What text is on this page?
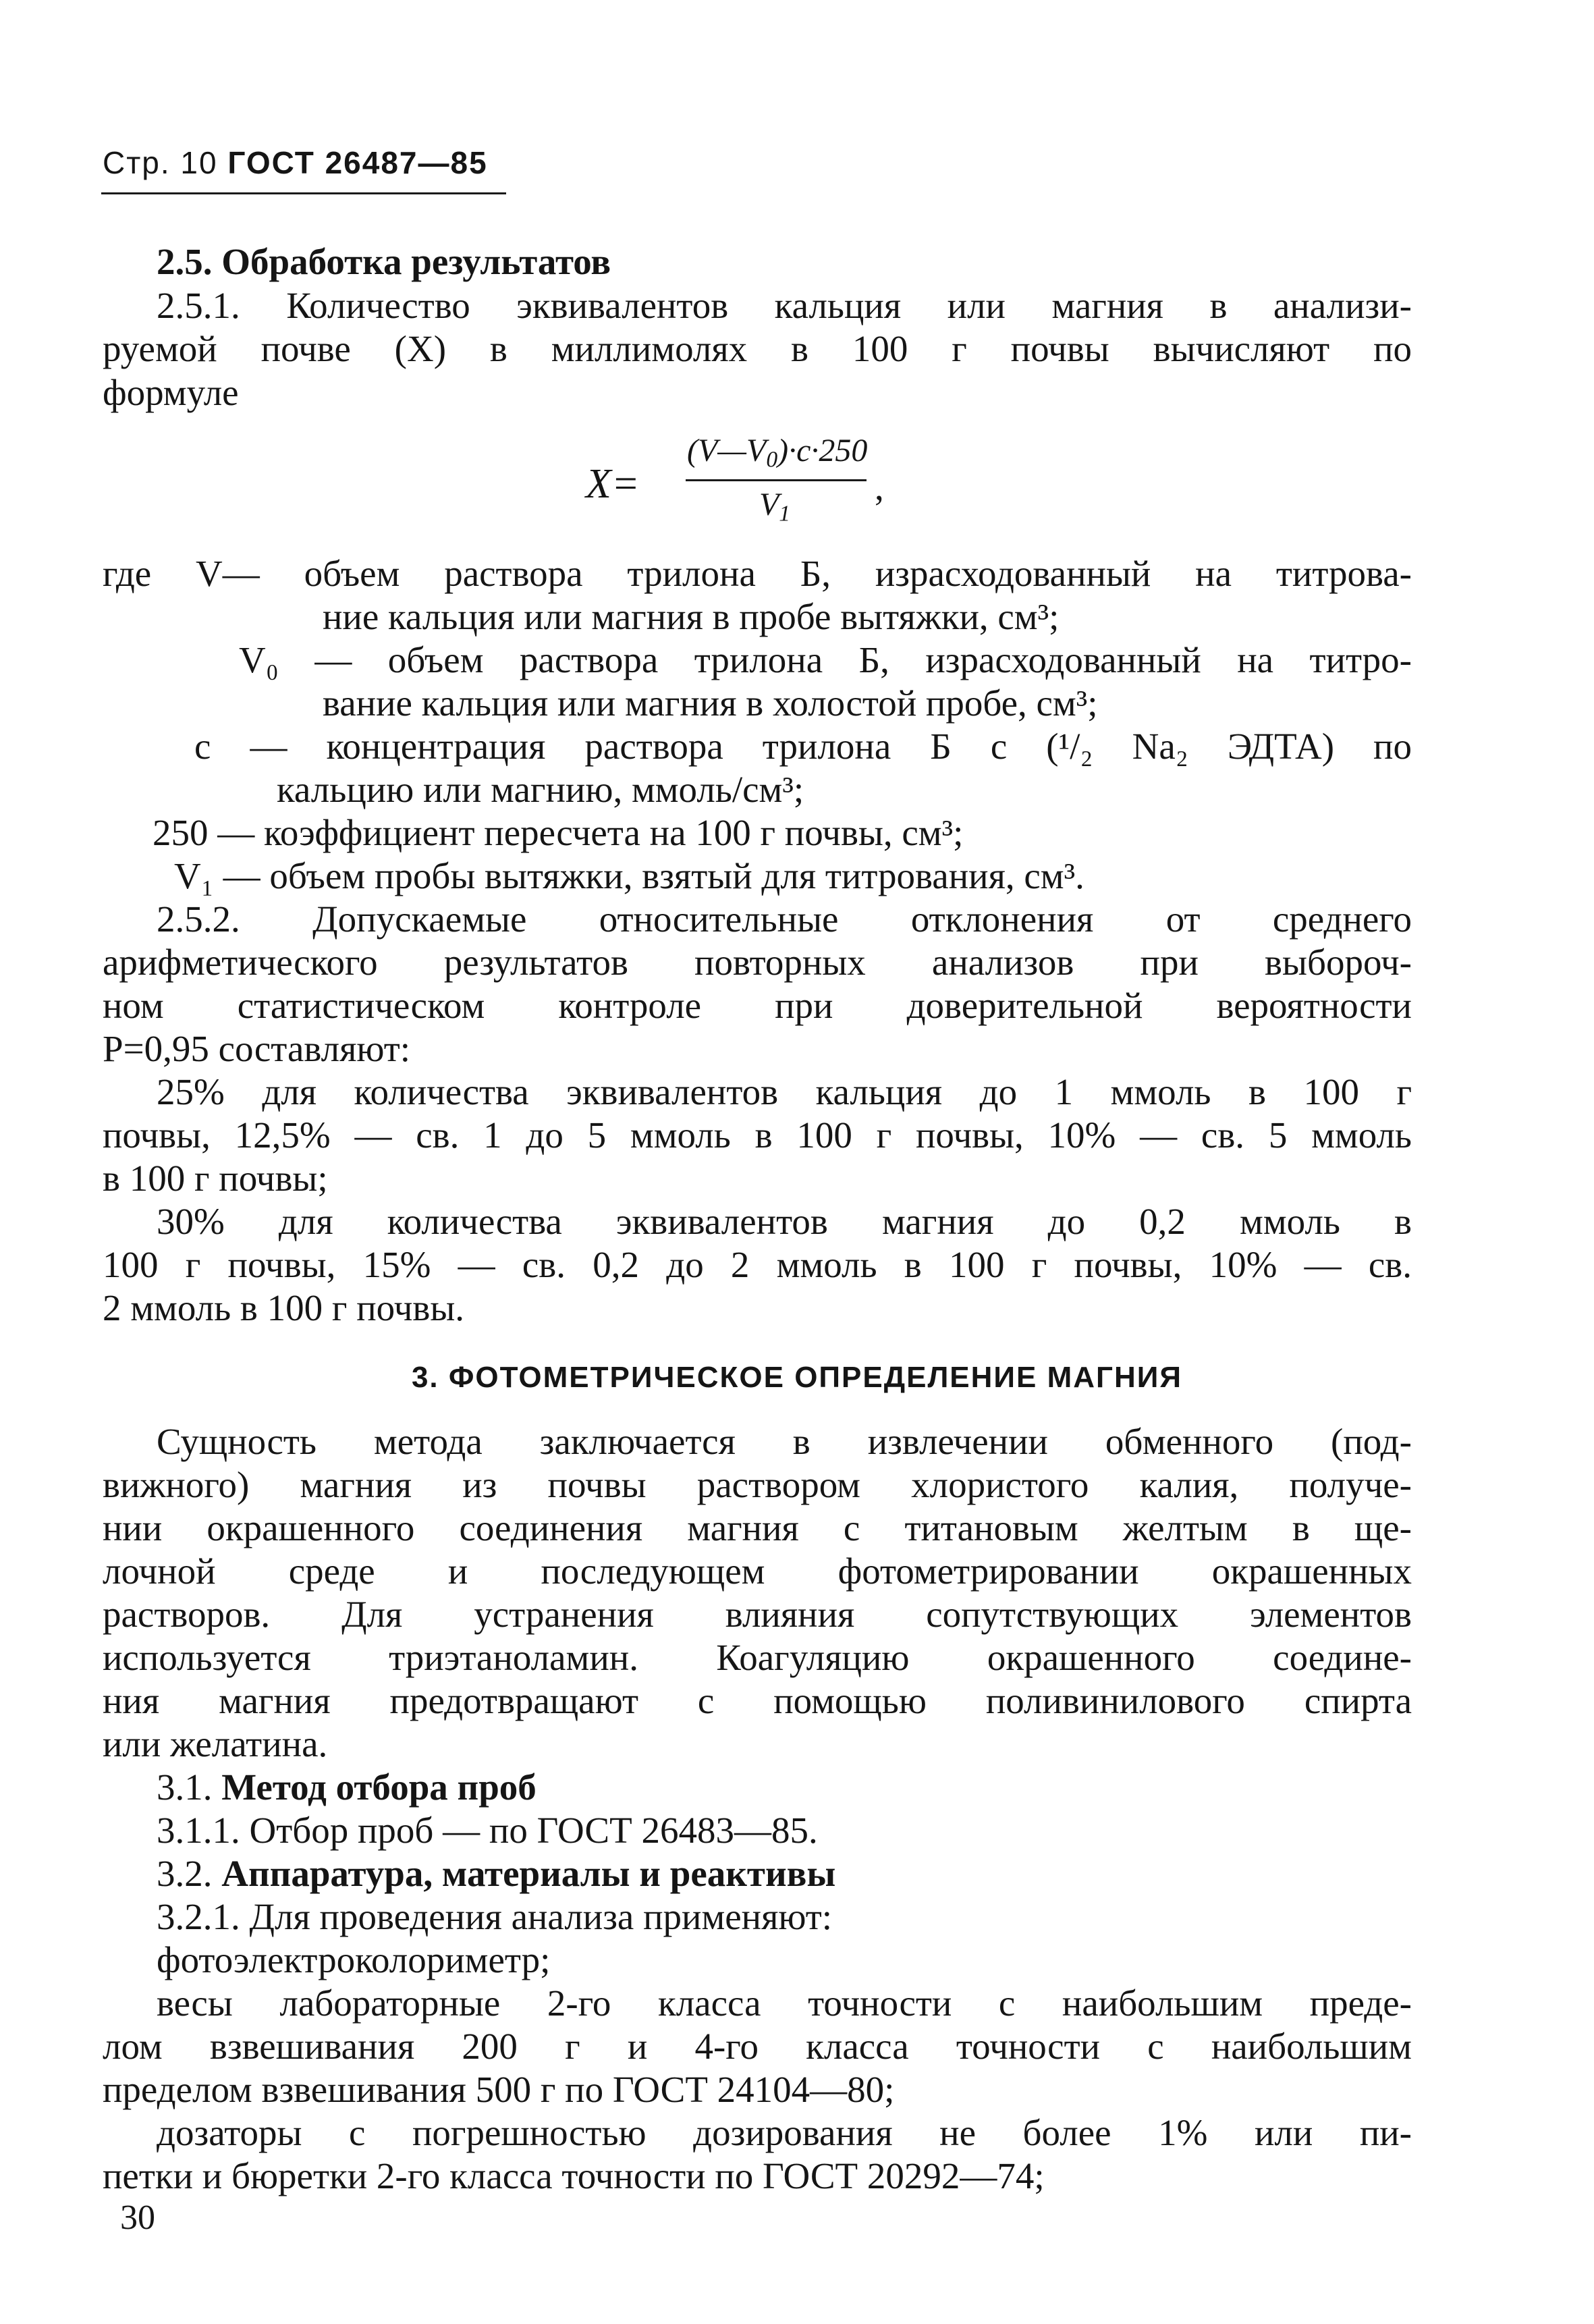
Стр. 10 ГОСТ 26487—85
2.5. Обработка результатов
2.5.1. Количество эквивалентов кальция или магния в анализи-
руемой почве (X) в миллимолях в 100 г почвы вычисляют по
формуле
X=
$(V—V_0)\cdot c\cdot 250$
$V_1$
,
где V— объем раствора трилона Б, израсходованный на титрова-
ние кальция или магния в пробе вытяжки, см³;
V₀ — объем раствора трилона Б, израсходованный на титро-
вание кальция или магния в холостой пробе, см³;
c — концентрация раствора трилона Б с (¹/₂ Na₂ ЭДТА) по
кальцию или магнию, ммоль/см³;
250 — коэффициент пересчета на 100 г почвы, см³;
V₁ — объем пробы вытяжки, взятый для титрования, см³.
2.5.2. Допускаемые относительные отклонения от среднего
арифметического результатов повторных анализов при выбороч-
ном статистическом контроле при доверительной вероятности
P=0,95 составляют:
25% для количества эквивалентов кальция до 1 ммоль в 100 г
почвы, 12,5% — св. 1 до 5 ммоль в 100 г почвы, 10% — св. 5 ммоль
в 100 г почвы;
30% для количества эквивалентов магния до 0,2 ммоль в
100 г почвы, 15% — св. 0,2 до 2 ммоль в 100 г почвы, 10% — св.
2 ммоль в 100 г почвы.
3. ФОТОМЕТРИЧЕСКОЕ ОПРЕДЕЛЕНИЕ МАГНИЯ
Сущность метода заключается в извлечении обменного (под-
вижного) магния из почвы раствором хлористого калия, получе-
нии окрашенного соединения магния с титановым желтым в ще-
лочной среде и последующем фотометрировании окрашенных
растворов. Для устранения влияния сопутствующих элементов
используется триэтаноламин. Коагуляцию окрашенного соедине-
ния магния предотвращают с помощью поливинилового спирта
или желатина.
3.1. Метод отбора проб
3.1.1. Отбор проб — по ГОСТ 26483—85.
3.2. Аппаратура, материалы и реактивы
3.2.1. Для проведения анализа применяют:
фотоэлектроколориметр;
весы лабораторные 2-го класса точности с наибольшим преде-
лом взвешивания 200 г и 4-го класса точности с наибольшим
пределом взвешивания 500 г по ГОСТ 24104—80;
дозаторы с погрешностью дозирования не более 1% или пи-
петки и бюретки 2-го класса точности по ГОСТ 20292—74;
30
